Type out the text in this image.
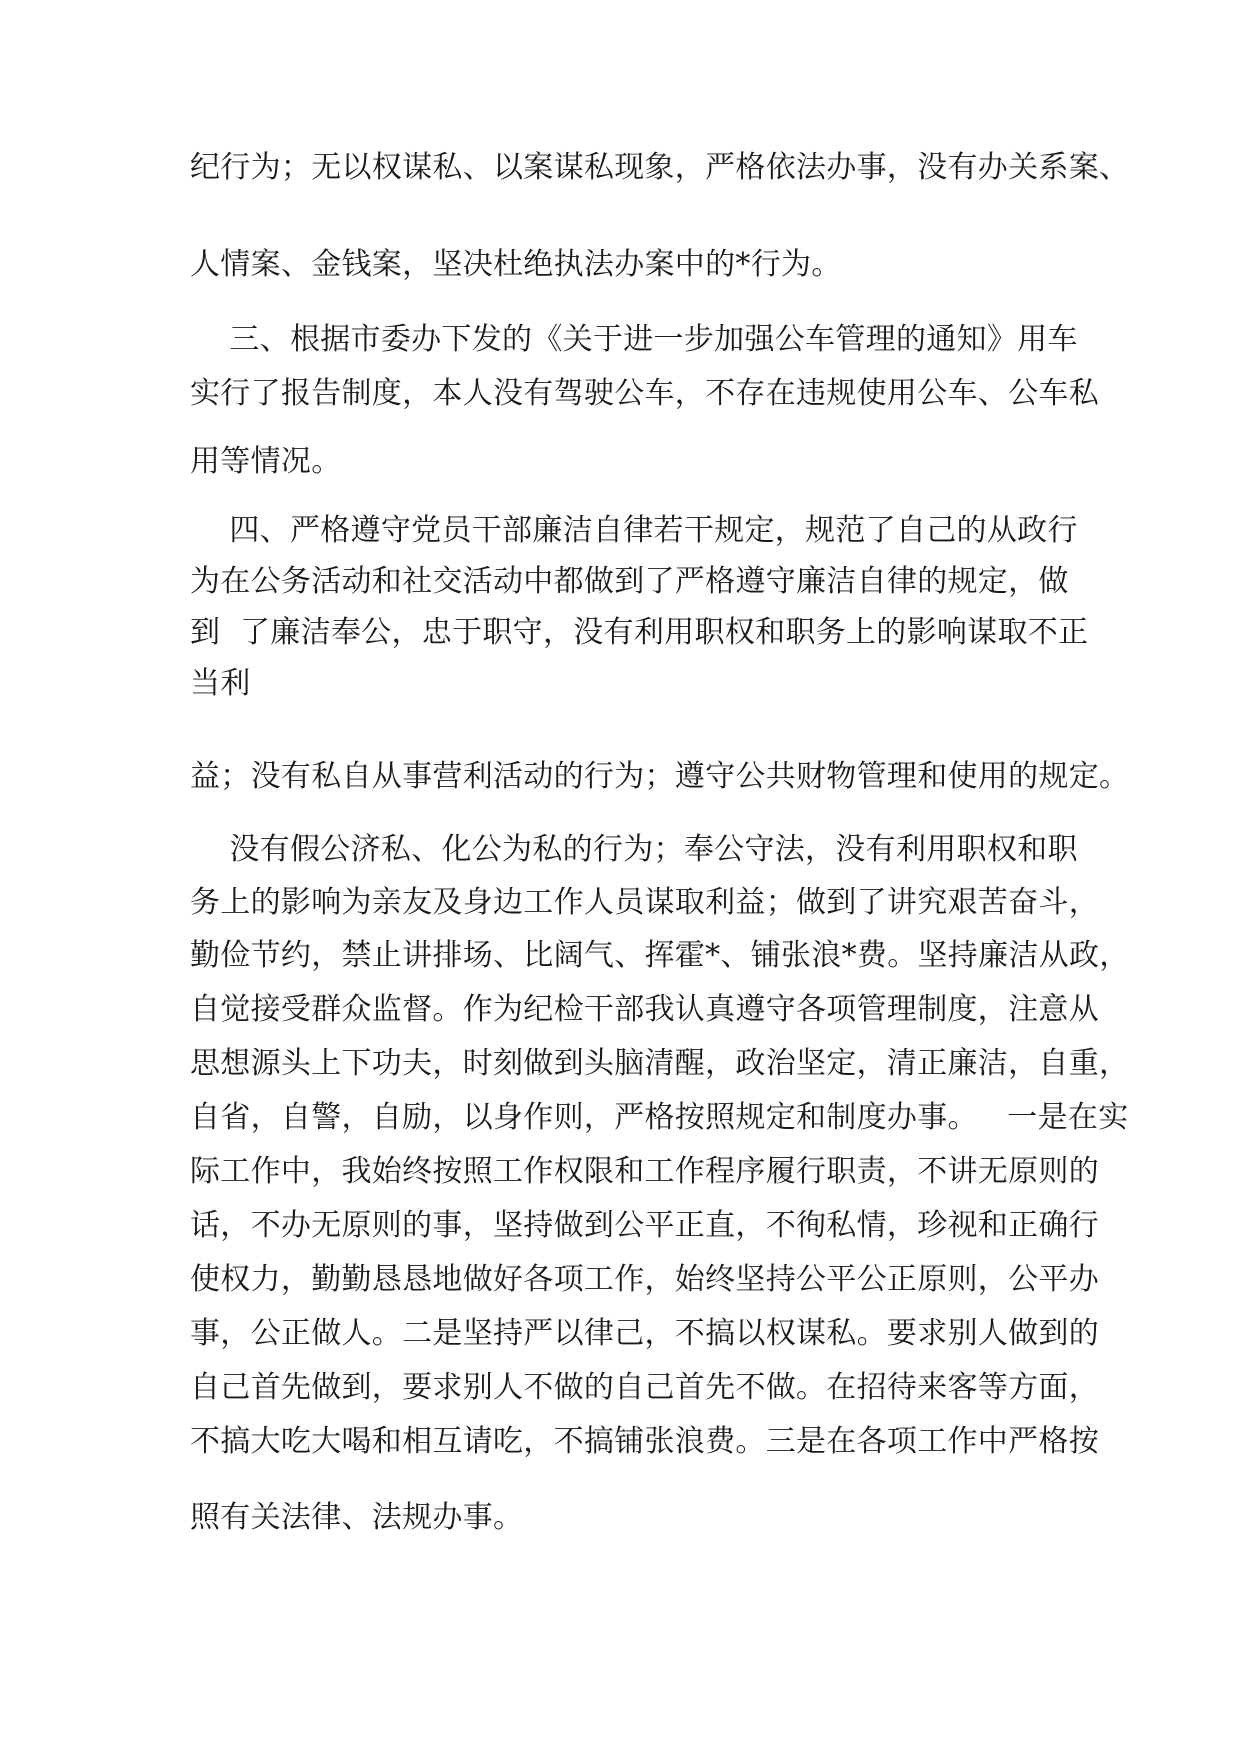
纪行为；无以权谋私、以案谋私现象，严格依法办事，没有办关系案、
人情案、金钱案，坚决杜绝执法办案中的*行为。
三、根据市委办下发的《关于进一步加强公车管理的通知》用车
实行了报告制度，本人没有驾驶公车，不存在违规使用公车、公车私
用等情况。
四、严格遵守党员干部廉洁自律若干规定，规范了自己的从政行
为在公务活动和社交活动中都做到了严格遵守廉洁自律的规定，做
到  了廉洁奉公，忠于职守，没有利用职权和职务上的影响谋取不正
当利
益；没有私自从事营利活动的行为；遵守公共财物管理和使用的规定。
没有假公济私、化公为私的行为；奉公守法，没有利用职权和职
务上的影响为亲友及身边工作人员谋取利益；做到了讲究艰苦奋斗，
勤俭节约，禁止讲排场、比阔气、挥霍*、铺张浪*费。坚持廉洁从政，
自觉接受群众监督。作为纪检干部我认真遵守各项管理制度，注意从
思想源头上下功夫，时刻做到头脑清醒，政治坚定，清正廉洁，自重，
自省，自警，自励，以身作则，严格按照规定和制度办事。   一是在实
际工作中，我始终按照工作权限和工作程序履行职责，不讲无原则的
话，不办无原则的事，坚持做到公平正直，不徇私情，珍视和正确行
使权力，勤勤恳恳地做好各项工作，始终坚持公平公正原则，公平办
事，公正做人。二是坚持严以律己，不搞以权谋私。要求别人做到的
自己首先做到，要求别人不做的自己首先不做。在招待来客等方面，
不搞大吃大喝和相互请吃，不搞铺张浪费。三是在各项工作中严格按
照有关法律、法规办事。
